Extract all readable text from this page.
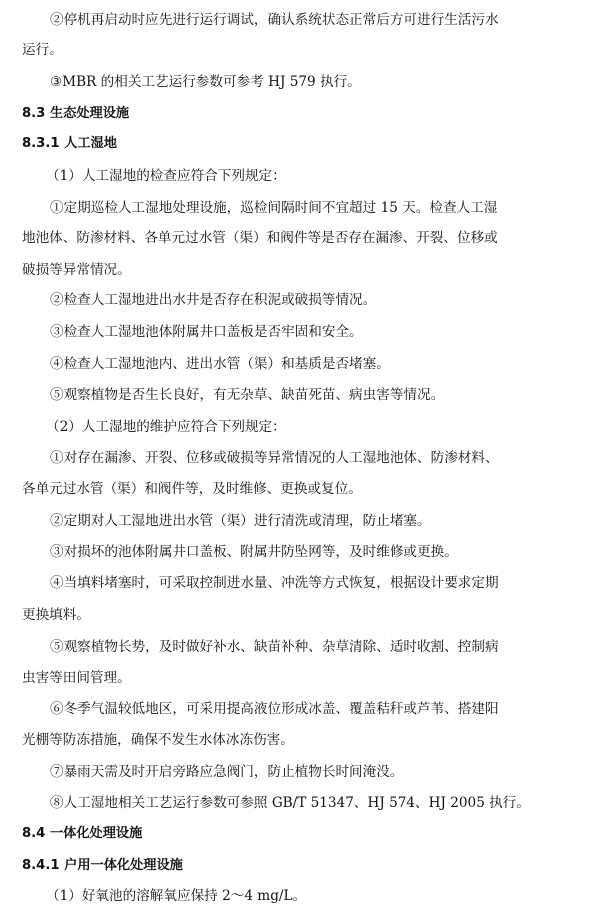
②停机再启动时应先进行运行调试，确认系统状态正常后方可进行生活污水
运行。
③MBR 的相关工艺运行参数可参考 HJ 579 执行。
8.3 生态处理设施
8.3.1 人工湿地
（1）人工湿地的检查应符合下列规定：
①定期巡检人工湿地处理设施，巡检间隔时间不宜超过 15 天。检查人工湿
地池体、防渗材料、各单元过水管（渠）和阀件等是否存在漏渗、开裂、位移或
破损等异常情况。
②检查人工湿地进出水井是否存在积泥或破损等情况。
③检查人工湿地池体附属井口盖板是否牢固和安全。
④检查人工湿地池内、进出水管（渠）和基质是否堵塞。
⑤观察植物是否生长良好，有无杂草、缺苗死苗、病虫害等情况。
（2）人工湿地的维护应符合下列规定：
①对存在漏渗、开裂、位移或破损等异常情况的人工湿地池体、防渗材料、
各单元过水管（渠）和阀件等，及时维修、更换或复位。
②定期对人工湿地进出水管（渠）进行清洗或清理，防止堵塞。
③对损坏的池体附属井口盖板、附属井防坠网等，及时维修或更换。
④当填料堵塞时，可采取控制进水量、冲洗等方式恢复，根据设计要求定期
更换填料。
⑤观察植物长势，及时做好补水、缺苗补种、杂草清除、适时收割、控制病
虫害等田间管理。
⑥冬季气温较低地区，可采用提高液位形成冰盖、覆盖秸秆或芦苇、搭建阳
光棚等防冻措施，确保不发生水体冰冻伤害。
⑦暴雨天需及时开启旁路应急阀门，防止植物长时间淹没。
⑧人工湿地相关工艺运行参数可参照 GB/T 51347、HJ 574、HJ 2005 执行。
8.4 一体化处理设施
8.4.1 户用一体化处理设施
（1）好氧池的溶解氧应保持 2～4 mg/L。
